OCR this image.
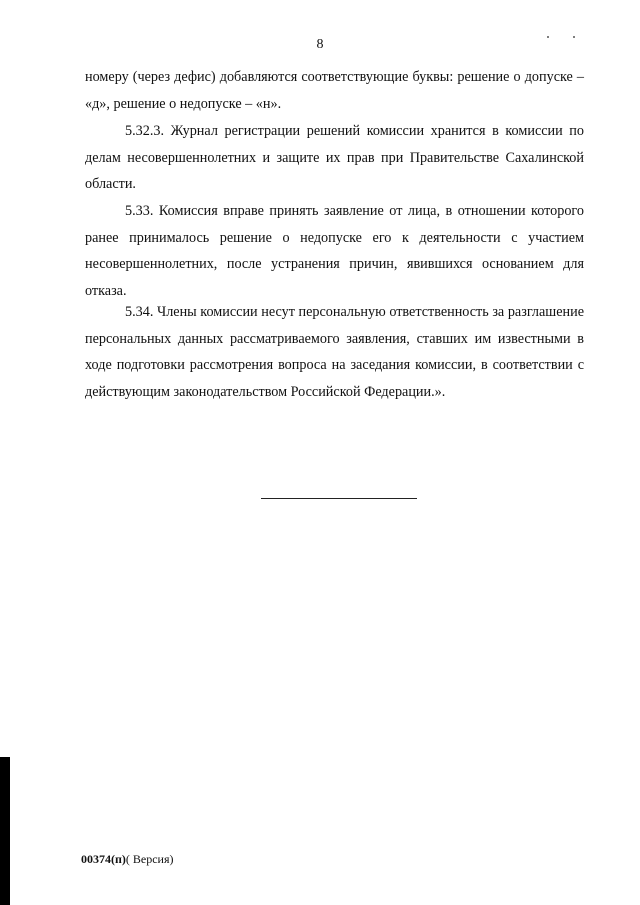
8

номеру (через дефис) добавляются соответствующие буквы: решение о допуске – «д», решение о недопуске – «н».

5.32.3. Журнал регистрации решений комиссии хранится в комиссии по делам несовершеннолетних и защите их прав при Правительстве Сахалинской области.

5.33. Комиссия вправе принять заявление от лица, в отношении которого ранее принималось решение о недопуске его к деятельности с участием несовершеннолетних, после устранения причин, явившихся основанием для отказа.

5.34. Члены комиссии несут персональную ответственность за разглашение персональных данных рассматриваемого заявления, ставших им известными в ходе подготовки рассмотрения вопроса на заседания комиссии, в соответствии с действующим законодательством Российской Федерации.».

00374(п)( Версия)
